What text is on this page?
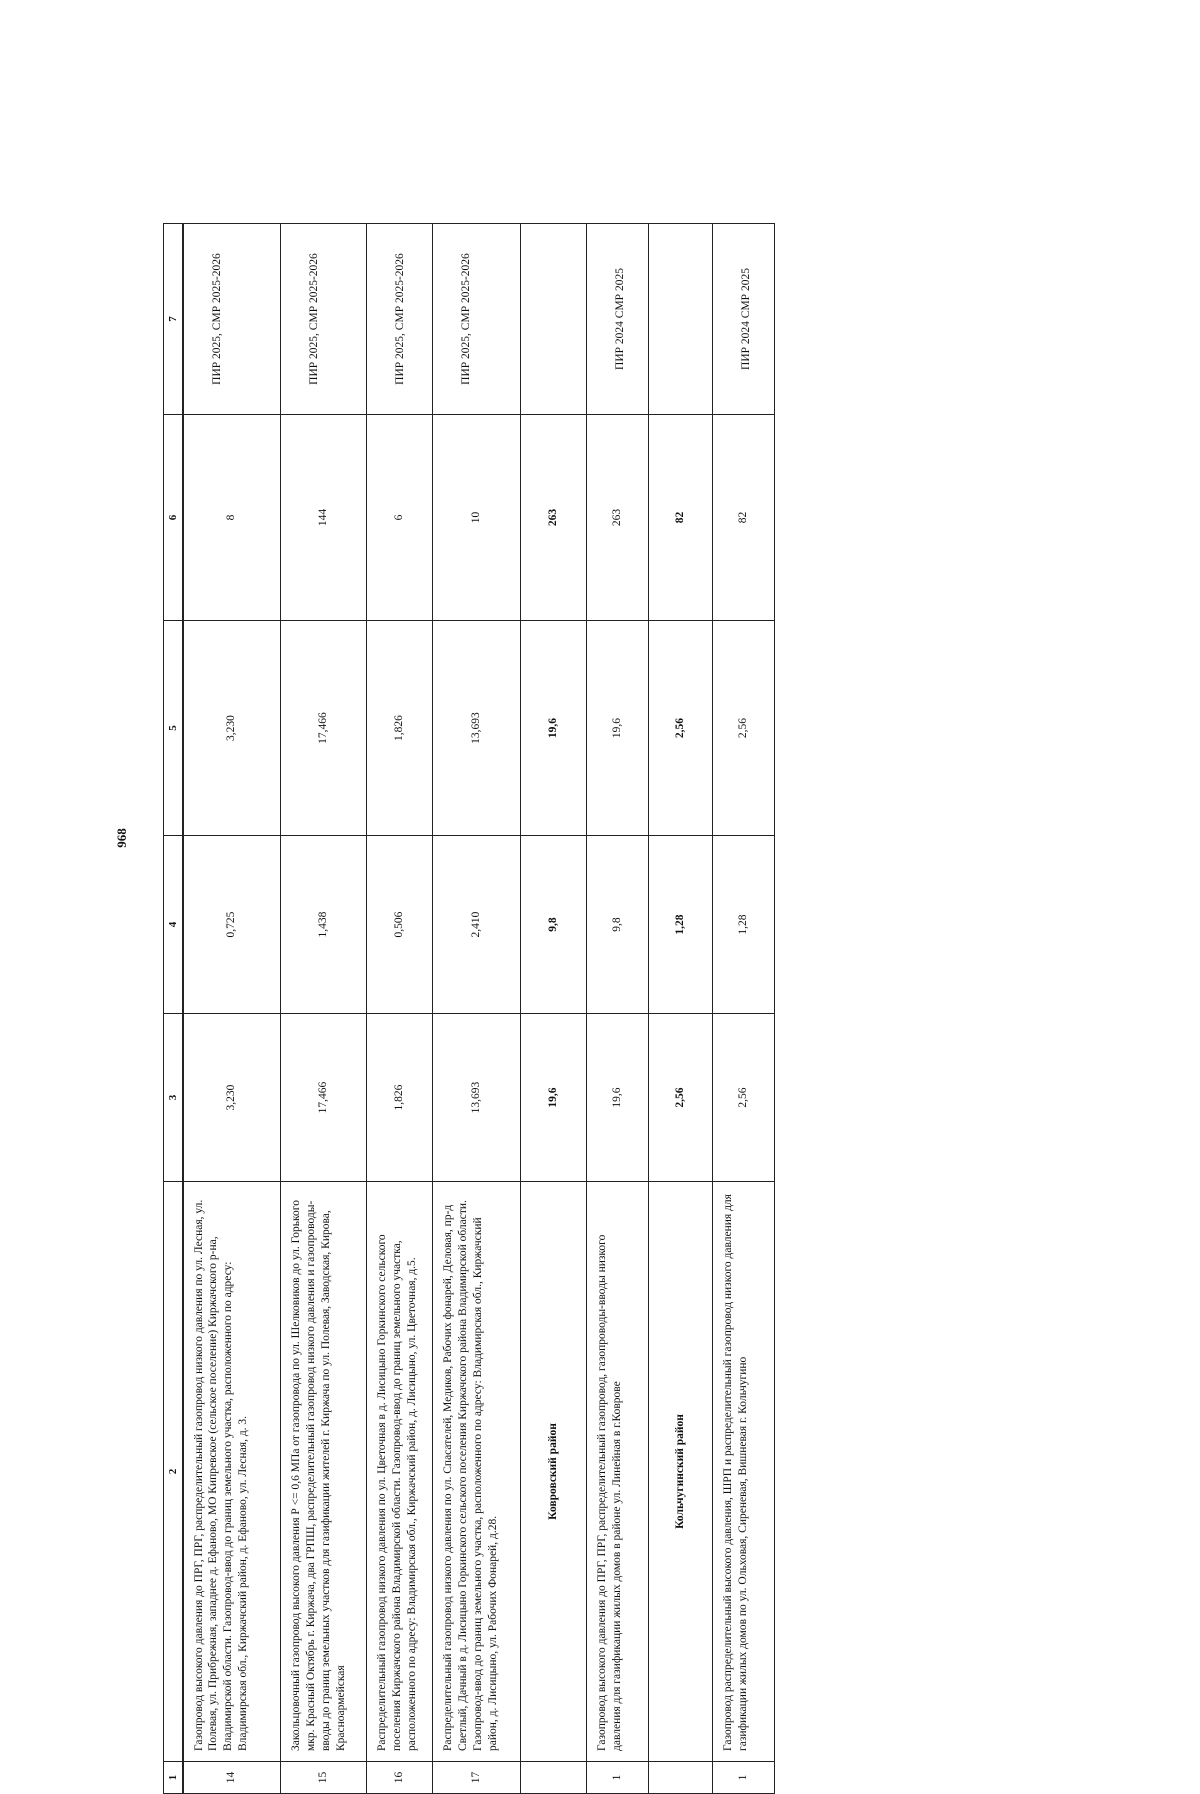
968
1	2	3	4	5	6	7
14	Газопровод высокого давления до ПРГ, ПРГ, распределительный газопровод низкого давления по ул. Лесная, ул. Полевая, ул. Прибрежная, западнее д. Ефаново, МО Кипревское (сельское поселение) Киржачского р-на, Владимирской области. Газопровод-ввод до границ земельного участка, расположенного по адресу: Владимирская обл., Киржачский район, д. Ефаново, ул. Лесная, д. 3.	3,230	0,725	3,230	8	ПИР 2025, СМР 2025-2026
15	Закольцовочный газопровод высокого давления Р <= 0,6 МПа от газопровода по ул. Шелковиков до ул. Горького мкр. Красный Октябрь г. Киржача, два ГРПШ, распределительный газопровод низкого давления и газопроводы-вводы до границ земельных участков для газификации жителей г. Киржача по ул. Полевая, Заводская, Кирова, Красноармейская	17,466	1,438	17,466	144	ПИР 2025, СМР 2025-2026
16	Распределительный газопровод низкого давления по ул. Цветочная в д. Лисицыно Горкинского сельского поселения Киржачского района Владимирской области. Газопровод-ввод до границ земельного участка, расположенного по адресу: Владимирская обл., Киржачский район, д. Лисицыно, ул. Цветочная, д.5.	1,826	0,506	1,826	6	ПИР 2025, СМР 2025-2026
17	Распределительный газопровод низкого давления по ул. Спасателей, Медиков, Рабочих фонарей, Деловая, пр-д Светлый, Дачный в д. Лисицыно Горкинского сельского поселения Киржачского района Владимирской области. Газопровод-ввод до границ земельного участка, расположенного по адресу: Владимирская обл., Киржачский район, д. Лисицыно, ул. Рабочих Фонарей, д.28.	13,693	2,410	13,693	10	ПИР 2025, СМР 2025-2026
	Ковровский район	19,6	9,8	19,6	263	
1	Газопровод высокого давления до ПРГ, ПРГ, распределительный газопровод, газопроводы-вводы низкого давления для газификации жилых домов в районе ул. Линейная в г.Коврове	19,6	9,8	19,6	263	ПИР 2024 СМР 2025
	Кольчугинский район	2,56	1,28	2,56	82	
1	Газопровод распределительный высокого давления, ШРП и распределительный газопровод низкого давления для газификации жилых домов по ул. Ольховая, Сиреневая, Вишневая г. Кольчугино	2,56	1,28	2,56	82	ПИР 2024 СМР 2025
